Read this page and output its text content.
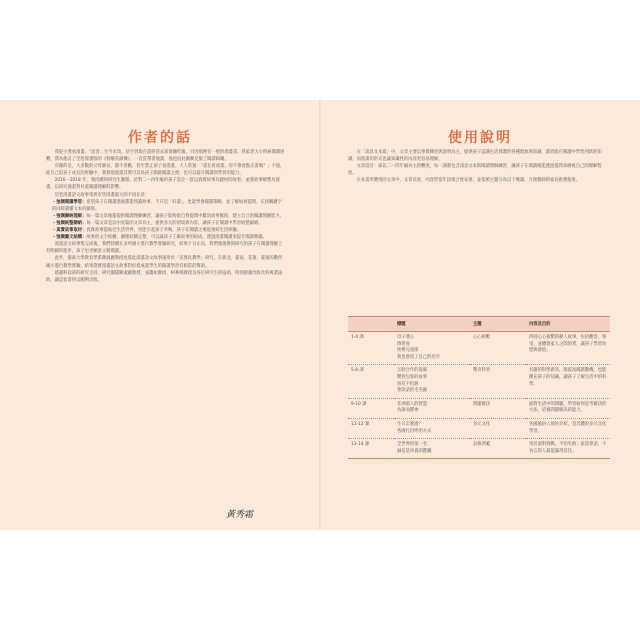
作者的話

我從小愛看漫畫，「惡習」至今未改，甚至到現在還經常去某賣廳吃飯，只因那裡有一壁的漫畫書。我家老大小時候閱讀困難，我為他訂了全套漫畫版的《射鵰英雄傳》，一頁頁帶著他讀，他也因此漸漸克服了閱讀障礙。

有趣的是，大多數的父母師長，都不喜歡，甚至禁止孩子看漫畫。大人常罵：「還在看漫畫，你不會看點正書嗎？」不過，從自己陪孩子成長的經驗中，我發現漫畫其實可以為孩子開啟閱讀之窗，也可以提升閱讀與學習的能力。

2016－2018 年，我持續與研究生團隊，針對二～四年級的孩子設計一套以真實故事為題材的故事，並將故事繪製為漫畫，以研究漫畫對兒童閱讀理解的影響。

這套漫畫語文故事集與市售漫畫最大的不同在於：

・強調閱讀學習：希望孩子在閱讀過後都能熟讀故事，不只是「好讀」，也能學會閱讀策略，並了解如何提問，在找關鍵字的同時讀懂文本的脈絡。
・強調歸納理解：每一篇文章後都提供閱讀理解練習，讓孩子能夠從自我提問中釐清故事脈絡，建立自己的閱讀理解能力。
・強調統整歸納：每一篇文章是以中長篇的文章為主，提供多元的情境與內容，讓孩子在閱讀中學習統整歸納。
・真實故事取材：真實故事能貼近生活世界，更能引起孩子共鳴，孩子在閱讀之後能連結生活經驗。
・強調圖文結構：故事的文字結構、圖像結構完整，可以讓孩子了解故事的組成，透過漫畫閱讀來提升閱讀興趣。

漫畫語文故事集完成後，我們陸續在多所國小進行教學實驗研究，結果十分正向，我們發現參與研究的孩子在閱讀理解上有明顯的進步，孩子也更願意主動閱讀。

此外，臺東大學教育學系陳淑麗教授也將此漫畫語文故事運用於「差異化教學」研究，在新北、臺南、花蓮、臺東的數所國小進行教學實驗，結果證實漫畫語文故事對於低成就學生的閱讀學習有相當的幫助。

感謝科技部的研究支持，研究團隊陳淑麗教授、張鑑如教授、柯華葳教授及各位研究生的協助，特別感謝出版社的專業協助，讓這套書得以順利出版。

黃秀霜
使用說明

在「訊息文本篇」中，文章主要以事實陳述與說明為主，提供孩子認識生活周遭的各種現象與知識，讀者能在閱讀中學習到新的知識，而漫畫的形式也讓知識性的內容更容易理解。

文章設計：採以二～四年級為主的難度，每一課都包含訊息文本與閱讀理解練習，讓孩子在閱讀後能透過提問來檢視自己的理解程度。

在本書所選用的文章中，文章長度、內容皆依年段適合度安排，並依照主題分為以下幾課，方便教師與家長挑選使用。

	標題	主題	內容及目的
1-4 課	母子連心
博愛座
快樂兒童節
我也會寫了自己的名字	心心相繫	四則心心相繫的動人故事，包括觀察，領受，並體會家人之間的愛，讓孩子學習珍惜與感恩。
5-8 課	互助合作的海豚
雙背包客的故事
鳥兒不怕熱
會說話的毛毛蟲	驚奇科普	有趣的科學新知，既提高閱讀動機，也能擴充孩子的知識，讓孩子了解生活中的科學。
9-10 課	非洲窮人的智慧
為誰而撐傘	問題解決	面對生活中的問題，學習如何思考解決的方法，培養問題解決的能力。
11-12 課	生日怎麼過？
各國打招呼的方式	多元文化	各國風俗人情的介紹，是具體的多元文化學習。
13-14 課	全世界的第一名
誠信是珍貴的寶藏	品格典範	勇於面對挑戰，不怕失敗；說話算話，不食言的人最能贏得信任。
